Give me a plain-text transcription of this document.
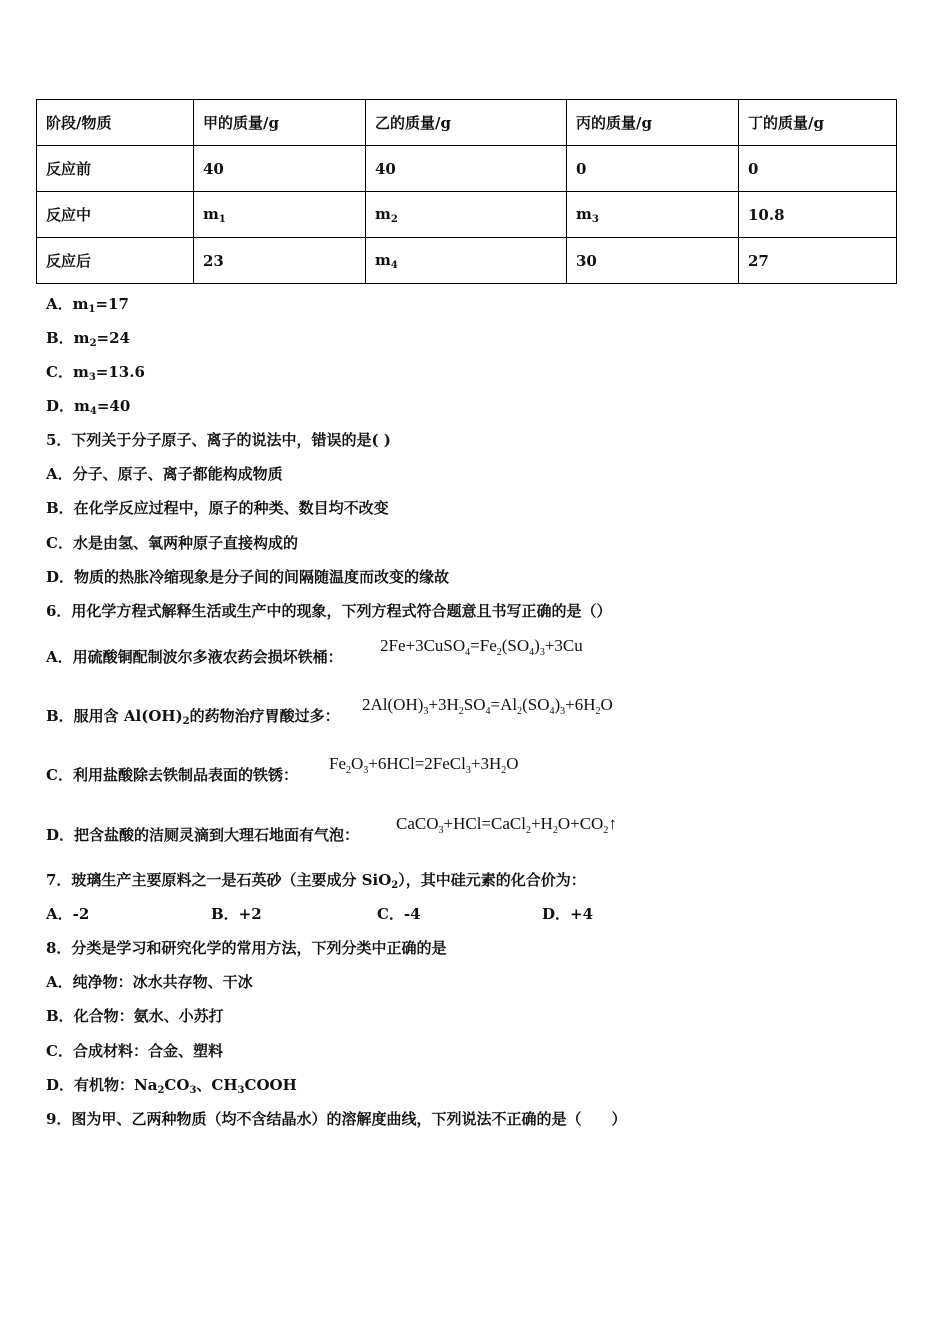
阶段/物质	甲的质量/g	乙的质量/g	丙的质量/g	丁的质量/g
反应前	40	40	0	0
反应中	$m_1$	$m_2$	$m_3$	10.8
反应后	23	$m_4$	30	27
A．$m_1=17$
B．$m_2=24$
C．$m_3=13.6$
D．$m_4=40$
5．下列关于分子原子、离子的说法中，错误的是( )
A．分子、原子、离子都能构成物质
B．在化学反应过程中，原子的种类、数目均不改变
C．水是由氢、氧两种原子直接构成的
D．物质的热胀冷缩现象是分子间的间隔随温度而改变的缘故
6．用化学方程式解释生活或生产中的现象，下列方程式符合题意且书写正确的是（）
A．用硫酸铜配制波尔多液农药会损坏铁桶：
$2Fe+3CuSO_4=Fe_2(SO_4)_3+3Cu$
B．服用含 $Al(OH)_2$的药物治疗胃酸过多：
$2Al(OH)_3+3H_2SO_4=Al_2(SO_4)_3+6H_2O$
C．利用盐酸除去铁制品表面的铁锈：
$Fe_2O_3+6HCl=2FeCl_3+3H_2O$
D．把含盐酸的洁厕灵滴到大理石地面有气泡：
$CaCO_3+HCl=CaCl_2+H_2O+CO_2↑$
7．玻璃生产主要原料之一是石英砂（主要成分 SiO$_2$），其中硅元素的化合价为：
A．-2	B．+2	C．-4	D．+4
8．分类是学习和研究化学的常用方法，下列分类中正确的是
A．纯净物：冰水共存物、干冰
B．化合物：氨水、小苏打
C．合成材料：合金、塑料
D．有机物：$Na_2CO_3$、$CH_3COOH$
9．图为甲、乙两种物质（均不含结晶水）的溶解度曲线，下列说法不正确的是（　　）
